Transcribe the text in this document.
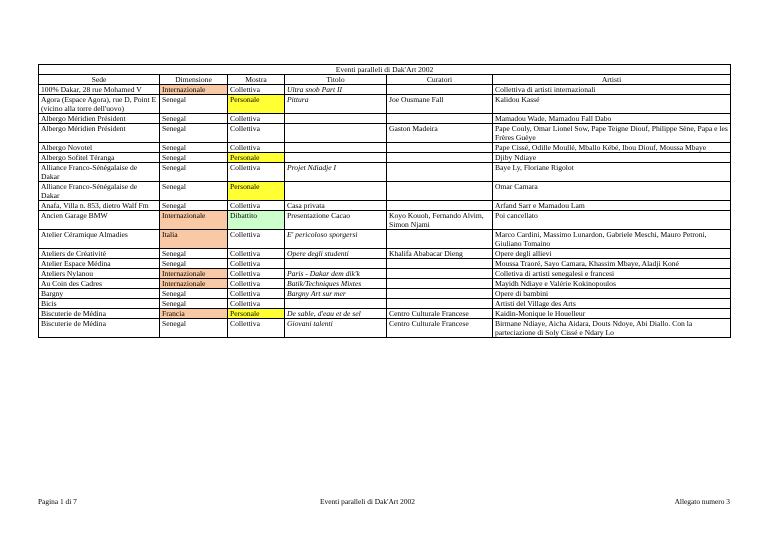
Eventi paralleli di Dak'Art 2002					
Sede	Dimensione	Mostra	Titolo	Curatori	Artisti
100% Dakar, 28 rue Mohamed V	Internazionale	Collettiva	Ultra snob Part II		Collettiva di artisti internazionali
Agora (Espace Agora), rue D, Point E (vicino alla torre dell'uovo)	Senegal	Personale	Pittura	Joe Ousmane Fall	Kalidou Kassé
Albergo Méridien Président	Senegal	Collettiva			Mamadou Wade, Mamadou Fall Dabo
Albergo Méridien Président	Senegal	Collettiva		Gaston Madeira	Pape Couly, Omar Lionel Sow, Pape Teigne Diouf, Philippe Sène, Papa e les Frères Guèye
Albergo Novotel	Senegal	Collettiva			Pape Cissé, Odille Moullé, Mballo Kébé, Ibou Diouf, Moussa Mbaye
Albergo Sofitel Téranga	Senegal	Personale			Djiby Ndiaye
Alliance Franco-Sénégalaise de Dakar	Senegal	Collettiva	Projet Ndiadje I		Baye Ly, Floriane Rigolot
Alliance Franco-Sénégalaise de Dakar	Senegal	Personale			Omar Camara
Anafa, Villa n. 853, dietro Walf Fm	Senegal	Collettiva	Casa privata		Arfand Sarr e Mamadou Lam
Ancien Garage BMW	Internazionale	Dibattito	Presentazione Cacao	Koyo Kouoh, Fernando Alvim, Simon Njami	Poi cancellato
Atelier Céramique Almadies	Italia	Collettiva	E' pericoloso sporgersi		Marco Cardini, Massimo Lunardon, Gabriele Meschi, Mauro Petroni, Giuliano Tomaino
Ateliers de Créativité	Senegal	Collettiva	Opere degli studenti	Khalifa Ababacar Dieng	Opere degli allievi
Atelier Espace Médina	Senegal	Collettiva			Moussa Traoré, Sayo Camara, Khassim Mbaye, Aladji Koné
Ateliers Nylanou	Internazionale	Collettiva	Paris - Dakar dem dik'k		Colletiva di artisti senegalesi e francesi
Au Coin des Cadres	Internazionale	Collettiva	Batik/Techniques Mixtes		Mayidh Ndiaye e Valérie Kokinopoulos
Bargny	Senegal	Collettiva	Bargny Art sur mer		Opere di bambini
Bicis	Senegal	Collettiva			Artisti del Village des Arts
Biscuterie de Médina	Francia	Personale	De sable, d'eau et de sel	Centro Culturale Francese	Kaidin-Monique le Houelleur
Biscuterie de Médina	Senegal	Collettiva	Giovani talenti	Centro Culturale Francese	Birmane Ndiaye, Aicha Aidara, Douts Ndoye, Abi Diallo. Con la parteciazione di Soly Cissé e Ndary Lo
Pagina 1 di 7	Eventi paralleli di Dak'Art 2002	Allegato numero 3
